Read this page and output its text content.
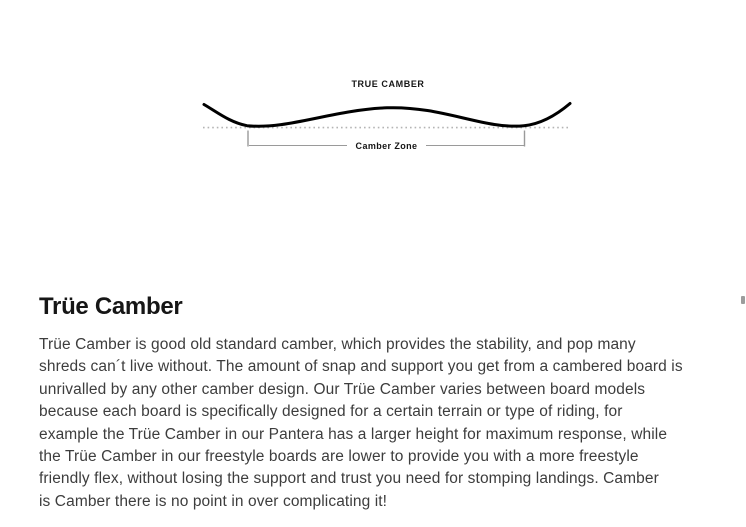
TRUE CAMBER
Camber Zone
Trüe Camber
Trüe Camber is good old standard camber, which provides the stability, and pop many
shreds can´t live without. The amount of snap and support you get from a cambered board is
unrivalled by any other camber design. Our Trüe Camber varies between board models
because each board is specifically designed for a certain terrain or type of riding, for
example the Trüe Camber in our Pantera has a larger height for maximum response, while
the Trüe Camber in our freestyle boards are lower to provide you with a more freestyle
friendly flex, without losing the support and trust you need for stomping landings. Camber
is Camber there is no point in over complicating it!
